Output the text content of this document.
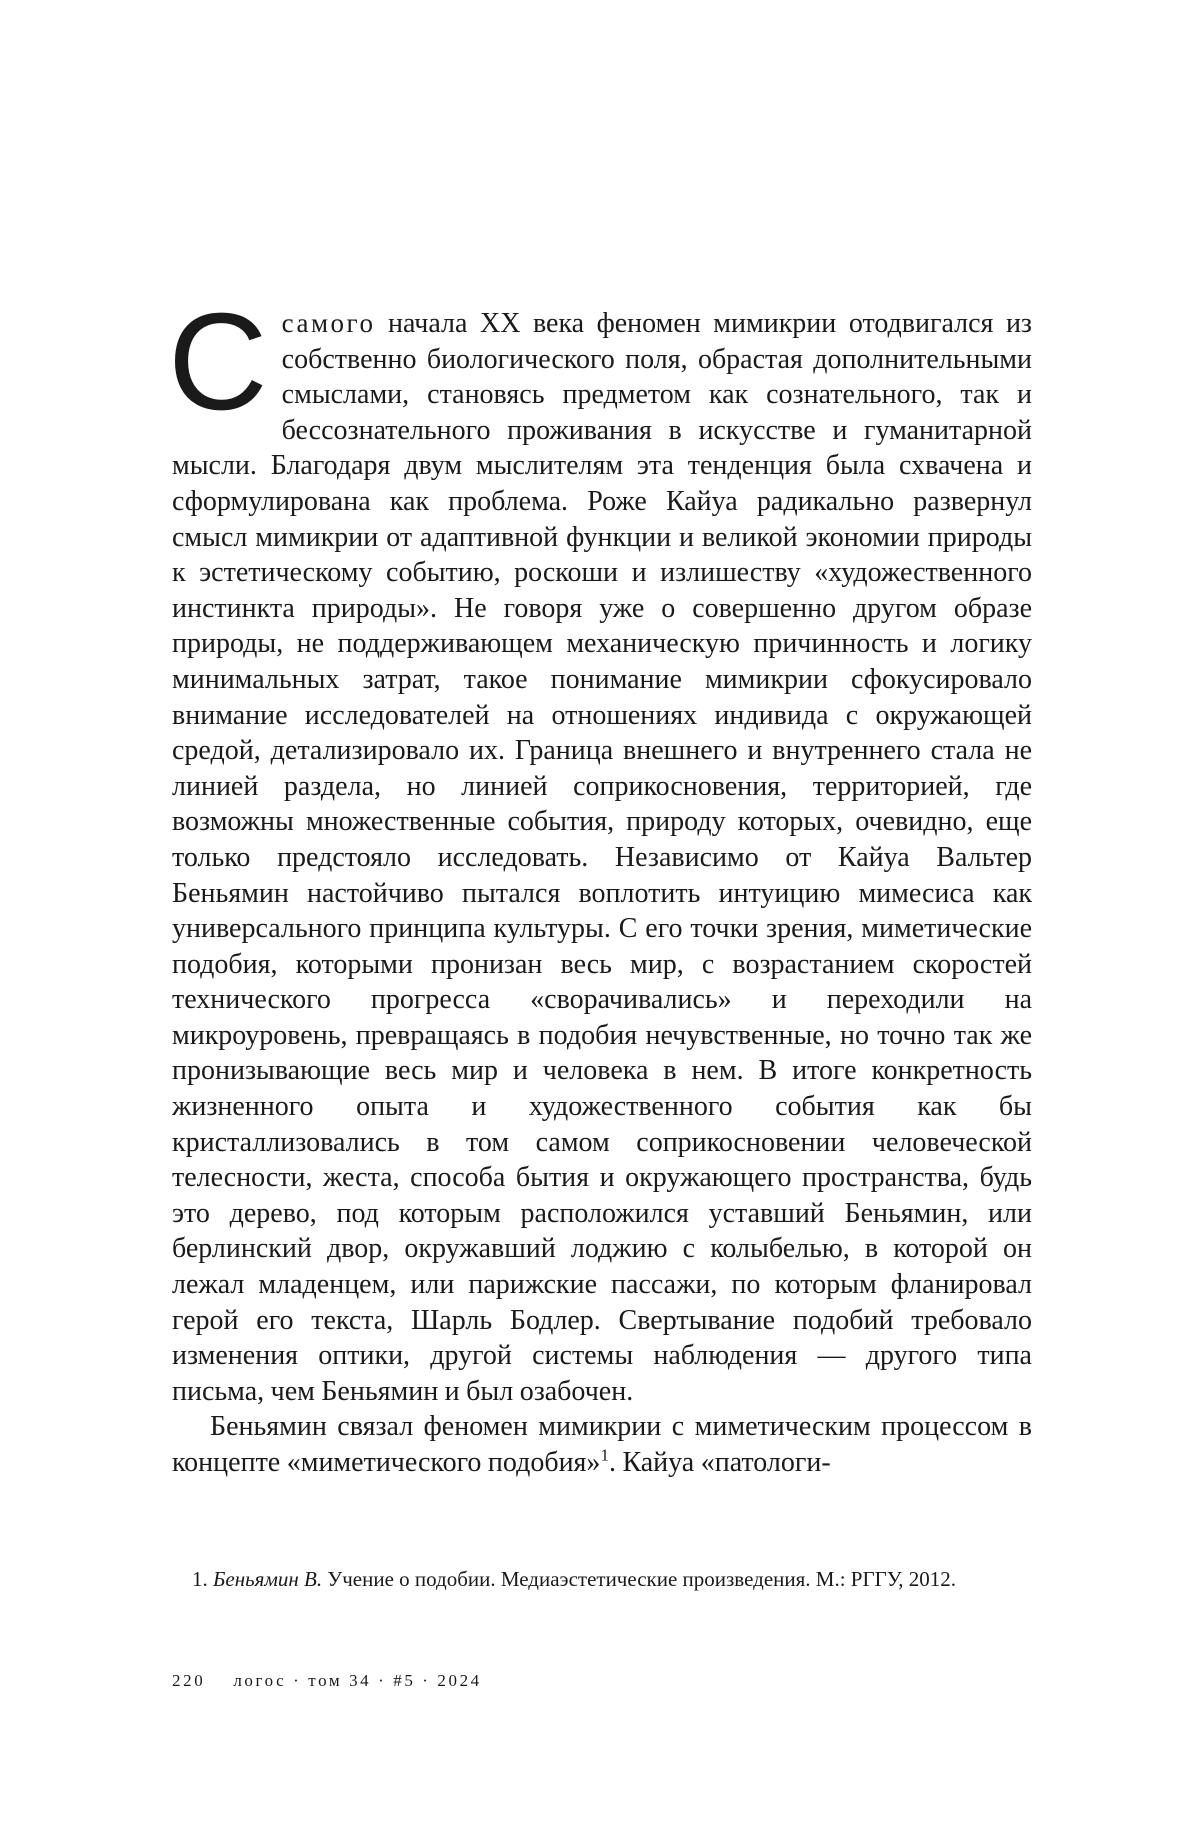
Ссамого начала XX века феномен мимикрии отодвигался из собственно биологического поля, обрастая дополнительными смыслами, становясь предметом как сознательного, так и бессознательного проживания в искусстве и гуманитарной мысли. Благодаря двум мыслителям эта тенденция была схвачена и сформулирована как проблема. Роже Кайуа радикально развернул смысл мимикрии от адаптивной функции и великой экономии природы к эстетическому событию, роскоши и излишеству «художественного инстинкта природы». Не говоря уже о совершенно другом образе природы, не поддерживающем механическую причинность и логику минимальных затрат, такое понимание мимикрии сфокусировало внимание исследователей на отношениях индивида с окружающей средой, детализировало их. Граница внешнего и внутреннего стала не линией раздела, но линией соприкосновения, территорией, где возможны множественные события, природу которых, очевидно, еще только предстояло исследовать. Независимо от Кайуа Вальтер Беньямин настойчиво пытался воплотить интуицию мимесиса как универсального принципа культуры. С его точки зрения, миметические подобия, которыми пронизан весь мир, с возрастанием скоростей технического прогресса «сворачивались» и переходили на микроуровень, превращаясь в подобия нечувственные, но точно так же пронизывающие весь мир и человека в нем. В итоге конкретность жизненного опыта и художественного события как бы кристаллизовались в том самом соприкосновении человеческой телесности, жеста, способа бытия и окружающего пространства, будь это дерево, под которым расположился уставший Беньямин, или берлинский двор, окружавший лоджию с колыбелью, в которой он лежал младенцем, или парижские пассажи, по которым фланировал герой его текста, Шарль Бодлер. Свертывание подобий требовало изменения оптики, другой системы наблюдения — другого типа письма, чем Беньямин и был озабочен.

Беньямин связал феномен мимикрии с миметическим процессом в концепте «миметического подобия»$^1$. Кайуа «патологи-

1. Беньямин В. Учение о подобии. Медиаэстетические произведения. М.: РГГУ, 2012.

220 логос · том 34 · #5 · 2024
